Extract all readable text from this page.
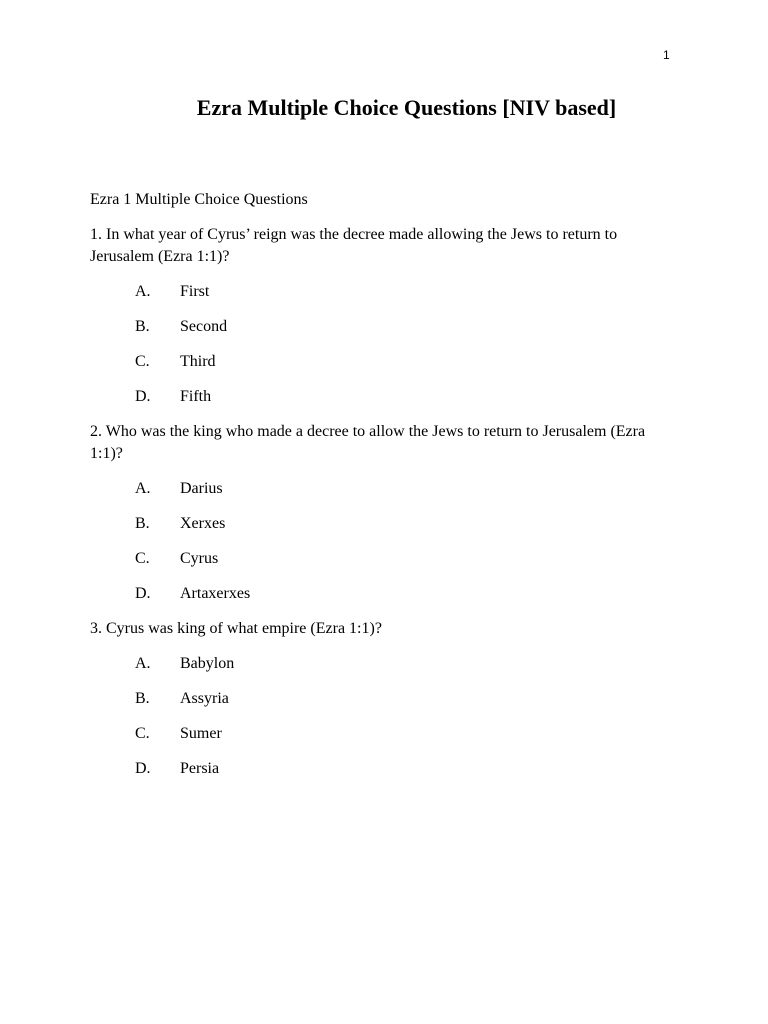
1
Ezra Multiple Choice Questions [NIV based]

Ezra 1 Multiple Choice Questions

1. In what year of Cyrus’ reign was the decree made allowing the Jews to return to Jerusalem (Ezra 1:1)?

A.	First
B.	Second
C.	Third
D.	Fifth

2. Who was the king who made a decree to allow the Jews to return to Jerusalem (Ezra 1:1)?

A.	Darius
B.	Xerxes
C.	Cyrus
D.	Artaxerxes

3. Cyrus was king of what empire (Ezra 1:1)?

A.	Babylon
B.	Assyria
C.	Sumer
D.	Persia
